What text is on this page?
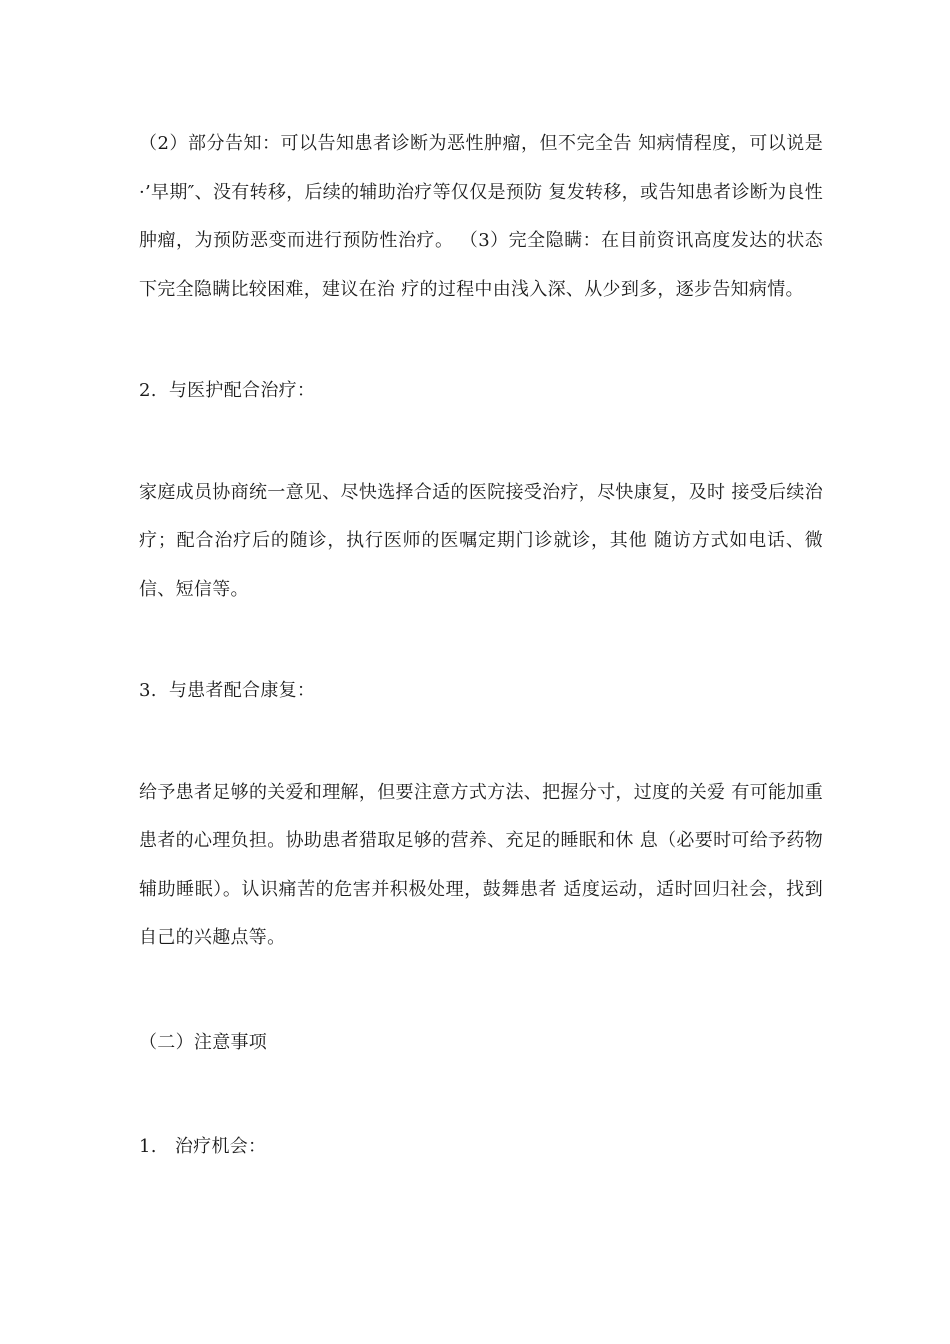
（2）部分告知：可以告知患者诊断为恶性肿瘤，但不完全告 知病情程度，可以说是·’早期″、没有转移，后续的辅助治疗等仅仅是预防 复发转移，或告知患者诊断为良性肿瘤，为预防恶变而进行预防性治疗。 （3）完全隐瞒：在目前资讯高度发达的状态下完全隐瞒比较困难，建议在治 疗的过程中由浅入深、从少到多，逐步告知病情。

2.  与医护配合治疗：

家庭成员协商统一意见、尽快选择合适的医院接受治疗，尽快康复，及时 接受后续治疗；配合治疗后的随诊，执行医师的医嘱定期门诊就诊，其他 随访方式如电话、微信、短信等。

3.  与患者配合康复：

给予患者足够的关爱和理解，但要注意方式方法、把握分寸，过度的关爱 有可能加重患者的心理负担。协助患者猎取足够的营养、充足的睡眠和休 息（必要时可给予药物辅助睡眠）。认识痛苦的危害并积极处理，鼓舞患者 适度运动，适时回归社会，找到自己的兴趣点等。

（二）注意事项

1.   治疗机会：
